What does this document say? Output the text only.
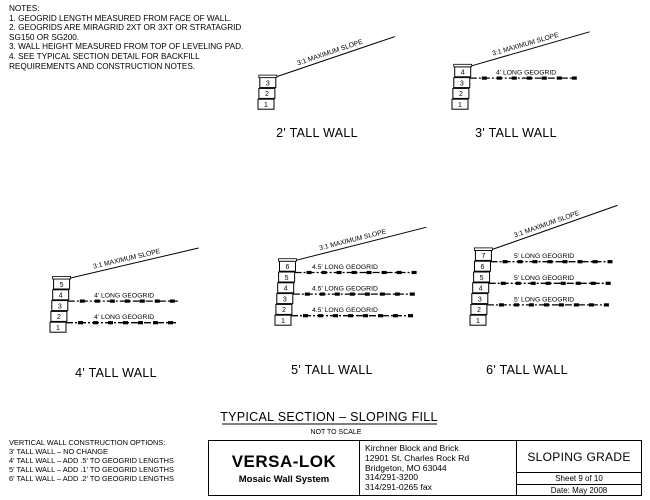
1
2
3
3:1 MAXIMUM SLOPE
2' TALL WALL
1
2
3
4
3:1 MAXIMUM SLOPE
4' LONG GEOGRID
3' TALL WALL
1
2
3
4
5
3:1 MAXIMUM SLOPE
4' LONG GEOGRID
4' LONG GEOGRID
4' TALL WALL
1
2
3
4
5
6
3:1 MAXIMUM SLOPE
4.5' LONG GEOGRID
4.5' LONG GEOGRID
4.5' LONG GEOGRID
5' TALL WALL
1
2
3
4
5
6
7
3:1 MAXIMUM SLOPE
5' LONG GEOGRID
5' LONG GEOGRID
5' LONG GEOGRID
6' TALL WALL
TYPICAL SECTION – SLOPING FILL
NOT TO SCALE
NOTES:
1. GEOGRID LENGTH MEASURED FROM FACE OF WALL.
2. GEOGRIDS ARE MIRAGRID 2XT OR 3XT OR STRATAGRID
SG150 OR SG200.
3. WALL HEIGHT MEASURED FROM TOP OF LEVELING PAD.
4. SEE TYPICAL SECTION DETAIL FOR BACKFILL
REQUIREMENTS AND CONSTRUCTION NOTES.
VERTICAL WALL CONSTRUCTION OPTIONS:
3' TALL WALL – NO CHANGE
4' TALL WALL – ADD .5' TO GEOGRID LENGTHS
5' TALL WALL – ADD .1' TO GEOGRID LENGTHS
6' TALL WALL – ADD .2' TO GEOGRID LENGTHS
VERSA-LOK
Mosaic Wall System
Kirchner Block and Brick
12901 St. Charles Rock Rd
Bridgeton, MO 63044
314/291-3200
314/291-0265 fax
SLOPING GRADE
Sheet 9 of 10
Date: May 2008
